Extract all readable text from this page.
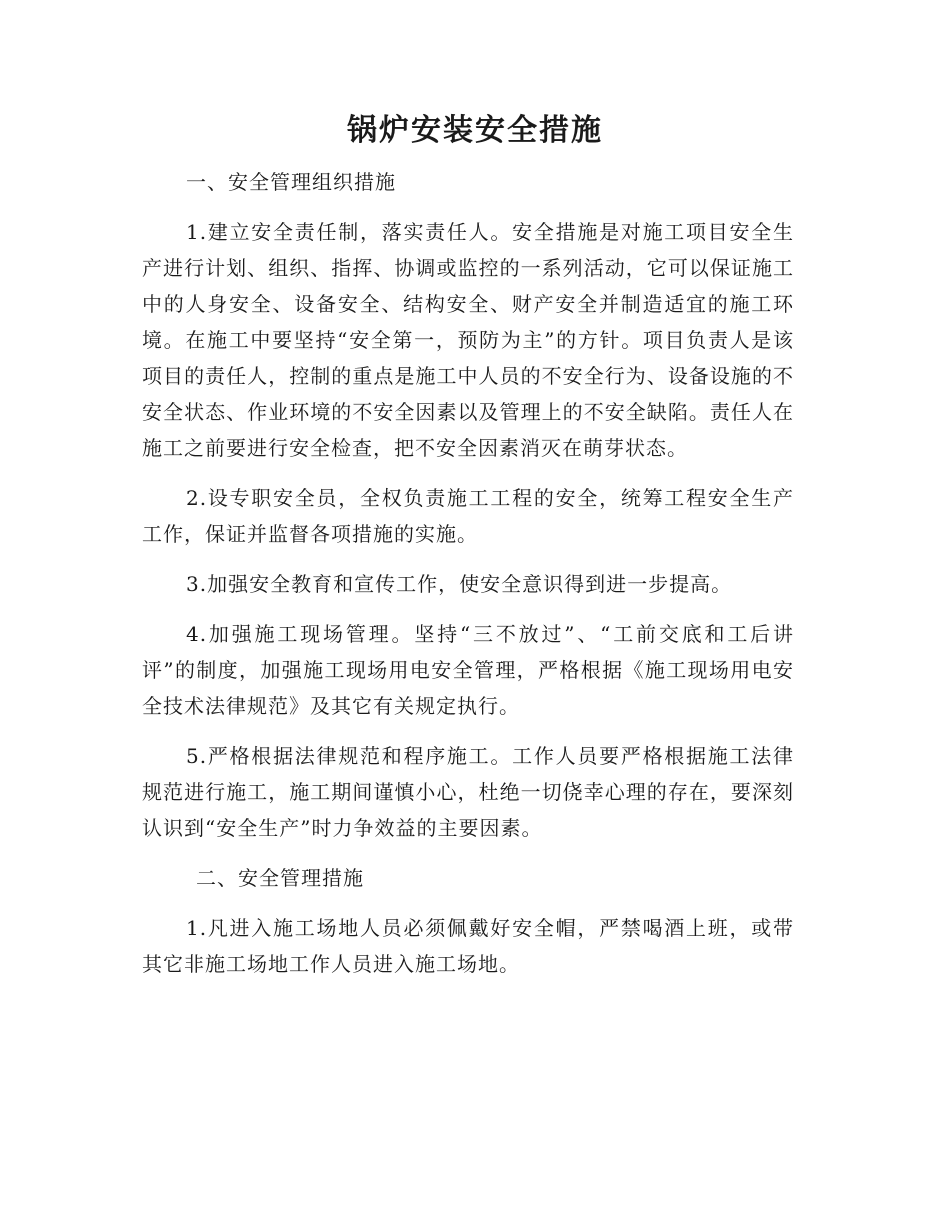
锅炉安装安全措施

一、安全管理组织措施

1.建立安全责任制，落实责任人。安全措施是对施工项目安全生产进行计划、组织、指挥、协调或监控的一系列活动，它可以保证施工中的人身安全、设备安全、结构安全、财产安全并制造适宜的施工环境。在施工中要坚持“安全第一，预防为主”的方针。项目负责人是该项目的责任人，控制的重点是施工中人员的不安全行为、设备设施的不安全状态、作业环境的不安全因素以及管理上的不安全缺陷。责任人在施工之前要进行安全检查，把不安全因素消灭在萌芽状态。

2.设专职安全员，全权负责施工工程的安全，统筹工程安全生产工作，保证并监督各项措施的实施。

3.加强安全教育和宣传工作，使安全意识得到进一步提高。

4.加强施工现场管理。坚持“三不放过”、“工前交底和工后讲评”的制度，加强施工现场用电安全管理，严格根据《施工现场用电安全技术法律规范》及其它有关规定执行。

5.严格根据法律规范和程序施工。工作人员要严格根据施工法律规范进行施工，施工期间谨慎小心，杜绝一切侥幸心理的存在，要深刻认识到“安全生产”时力争效益的主要因素。

二、安全管理措施

1.凡进入施工场地人员必须佩戴好安全帽，严禁喝酒上班，或带其它非施工场地工作人员进入施工场地。
